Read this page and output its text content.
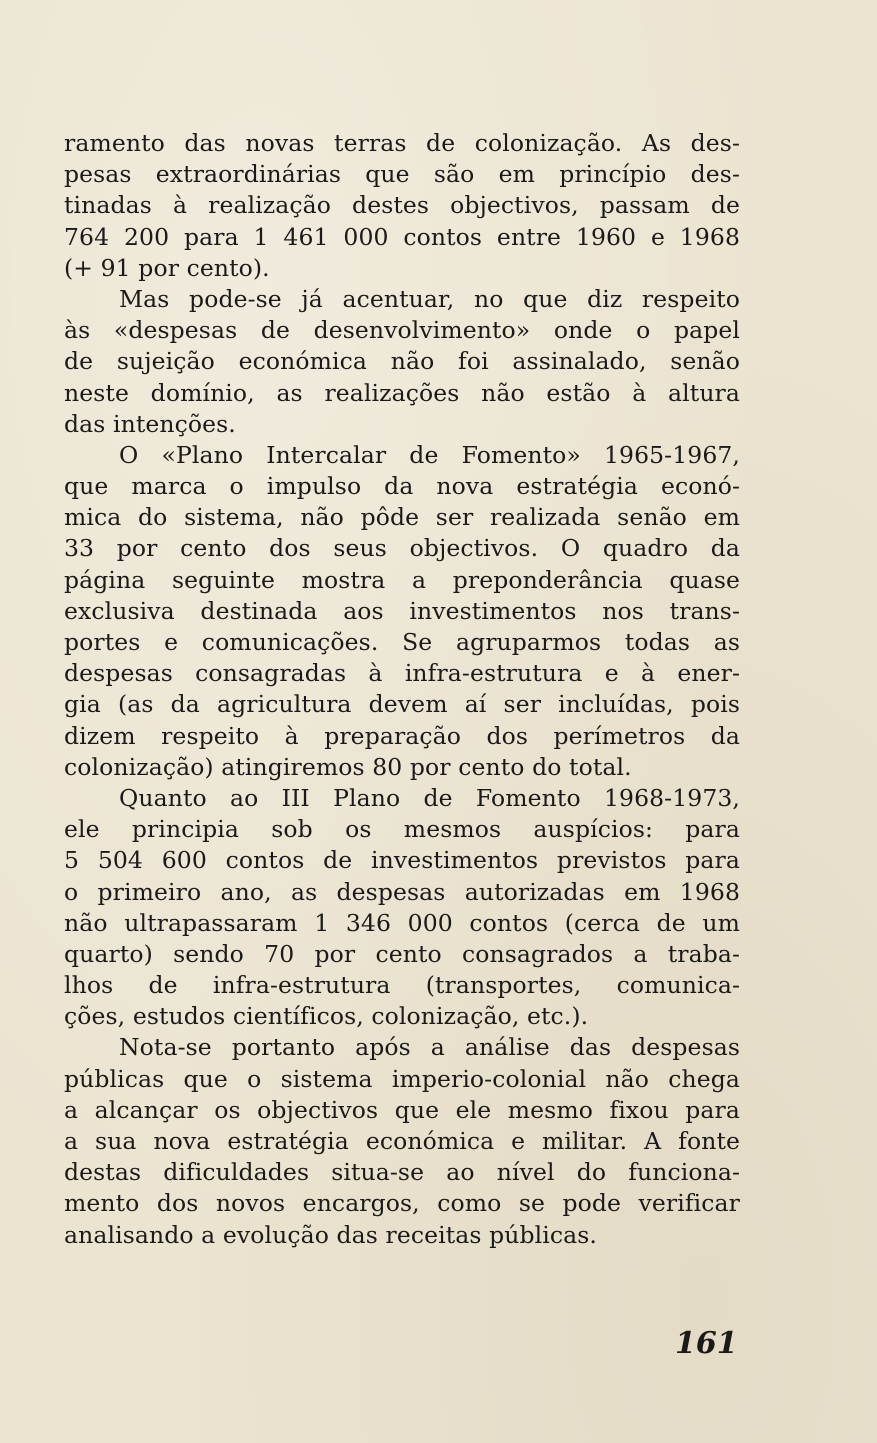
ramento das novas terras de colonização. As des-
pesas extraordinárias que são em princípio des-
tinadas à realização destes objectivos, passam de
764 200 para 1 461 000 contos entre 1960 e 1968
(+ 91 por cento).
Mas pode-se já acentuar, no que diz respeito
às «despesas de desenvolvimento» onde o papel
de sujeição económica não foi assinalado, senão
neste domínio, as realizações não estão à altura
das intenções.
O «Plano Intercalar de Fomento» 1965-1967,
que marca o impulso da nova estratégia econó-
mica do sistema, não pôde ser realizada senão em
33 por cento dos seus objectivos. O quadro da
página seguinte mostra a preponderância quase
exclusiva destinada aos investimentos nos trans-
portes e comunicações. Se agruparmos todas as
despesas consagradas à infra-estrutura e à ener-
gia (as da agricultura devem aí ser incluídas, pois
dizem respeito à preparação dos perímetros da
colonização) atingiremos 80 por cento do total.
Quanto ao III Plano de Fomento 1968-1973,
ele principia sob os mesmos auspícios: para
5 504 600 contos de investimentos previstos para
o primeiro ano, as despesas autorizadas em 1968
não ultrapassaram 1 346 000 contos (cerca de um
quarto) sendo 70 por cento consagrados a traba-
lhos de infra-estrutura (transportes, comunica-
ções, estudos científicos, colonização, etc.).
Nota-se portanto após a análise das despesas
públicas que o sistema imperio-colonial não chega
a alcançar os objectivos que ele mesmo fixou para
a sua nova estratégia económica e militar. A fonte
destas dificuldades situa-se ao nível do funciona-
mento dos novos encargos, como se pode verificar
analisando a evolução das receitas públicas.
161
